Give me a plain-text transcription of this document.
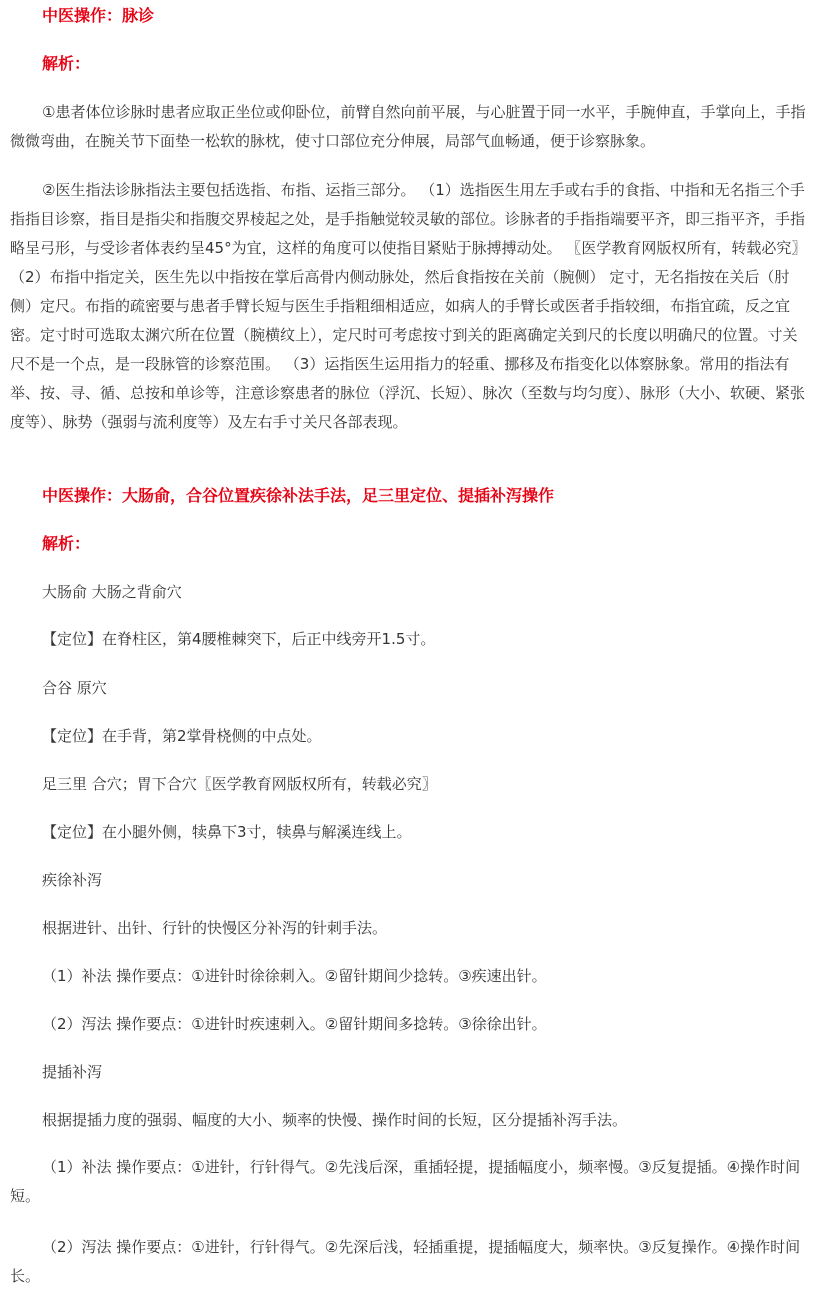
中医操作：脉诊

解析：

①患者体位诊脉时患者应取正坐位或仰卧位，前臂自然向前平展，与心脏置于同一水平，手腕伸直，手掌向上，手指微微弯曲，在腕关节下面垫一松软的脉枕，使寸口部位充分伸展，局部气血畅通，便于诊察脉象。

②医生指法诊脉指法主要包括选指、布指、运指三部分。 （1）选指医生用左手或右手的食指、中指和无名指三个手指指目诊察，指目是指尖和指腹交界棱起之处，是手指触觉较灵敏的部位。诊脉者的手指指端要平齐，即三指平齐，手指略呈弓形，与受诊者体表约呈45°为宜，这样的角度可以使指目紧贴于脉搏搏动处。 〖医学教育网版权所有，转载必究〗（2）布指中指定关，医生先以中指按在掌后高骨内侧动脉处，然后食指按在关前（腕侧） 定寸，无名指按在关后（肘侧）定尺。布指的疏密要与患者手臂长短与医生手指粗细相适应，如病人的手臂长或医者手指较细，布指宜疏，反之宜密。定寸时可选取太渊穴所在位置（腕横纹上），定尺时可考虑按寸到关的距离确定关到尺的长度以明确尺的位置。寸关尺不是一个点，是一段脉管的诊察范围。 （3）运指医生运用指力的轻重、挪移及布指变化以体察脉象。常用的指法有举、按、寻、循、总按和单诊等，注意诊察患者的脉位（浮沉、长短）、脉次（至数与均匀度）、脉形（大小、软硬、紧张度等）、脉势（强弱与流利度等）及左右手寸关尺各部表现。

中医操作：大肠俞，合谷位置疾徐补法手法，足三里定位、提插补泻操作

解析：

大肠俞 大肠之背俞穴

【定位】在脊柱区，第4腰椎棘突下，后正中线旁开1.5寸。

合谷 原穴

【定位】在手背，第2掌骨桡侧的中点处。

足三里 合穴；胃下合穴〖医学教育网版权所有，转载必究〗

【定位】在小腿外侧，犊鼻下3寸，犊鼻与解溪连线上。

疾徐补泻

根据进针、出针、行针的快慢区分补泻的针刺手法。

（1）补法 操作要点：①进针时徐徐刺入。②留针期间少捻转。③疾速出针。

（2）泻法 操作要点：①进针时疾速刺入。②留针期间多捻转。③徐徐出针。

提插补泻

根据提插力度的强弱、幅度的大小、频率的快慢、操作时间的长短，区分提插补泻手法。

（1）补法 操作要点：①进针，行针得气。②先浅后深，重插轻提，提插幅度小，频率慢。③反复提插。④操作时间短。

（2）泻法 操作要点：①进针，行针得气。②先深后浅，轻插重提，提插幅度大，频率快。③反复操作。④操作时间长。
